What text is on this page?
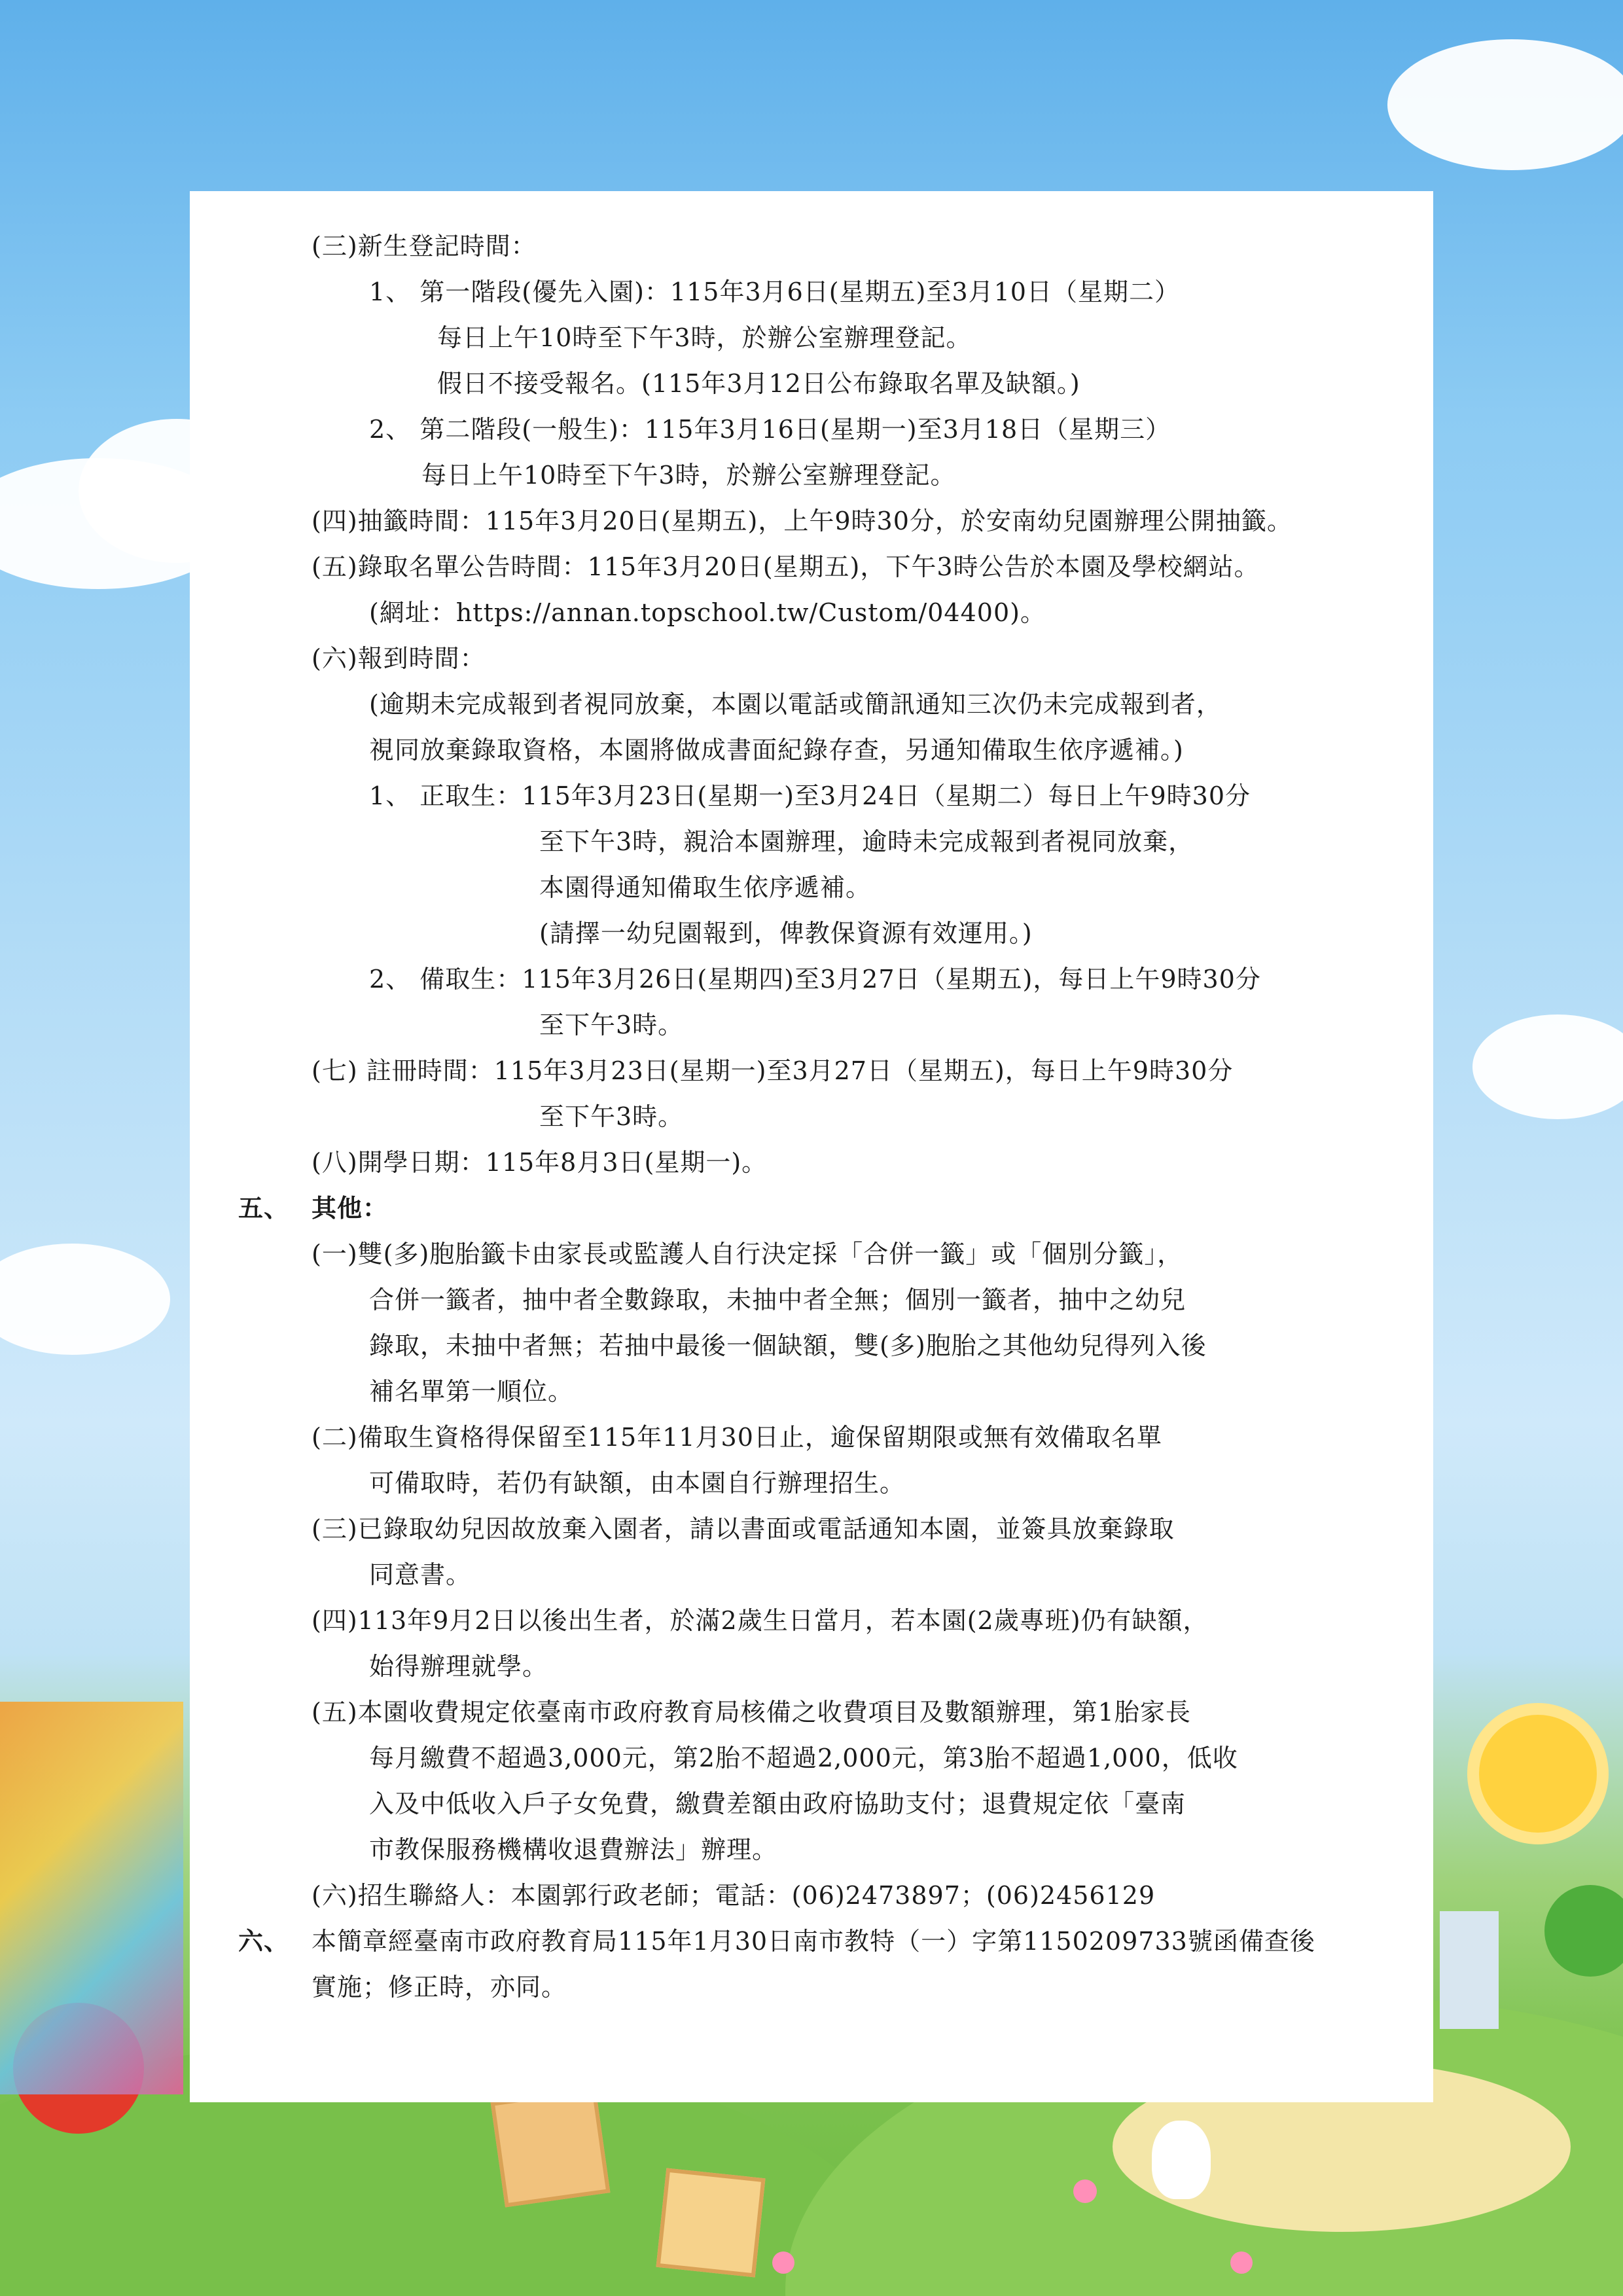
(三)新生登記時間：
1、 第一階段(優先入園)：115年3月6日(星期五)至3月10日（星期二）
每日上午10時至下午3時，於辦公室辦理登記。
假日不接受報名。(115年3月12日公布錄取名單及缺額。)
2、 第二階段(一般生)：115年3月16日(星期一)至3月18日（星期三）
每日上午10時至下午3時，於辦公室辦理登記。
(四)抽籤時間：115年3月20日(星期五)，上午9時30分，於安南幼兒園辦理公開抽籤。
(五)錄取名單公告時間：115年3月20日(星期五)，下午3時公告於本園及學校網站。
(網址：https://annan.topschool.tw/Custom/04400)。
(六)報到時間：
(逾期未完成報到者視同放棄，本園以電話或簡訊通知三次仍未完成報到者，
視同放棄錄取資格，本園將做成書面紀錄存查，另通知備取生依序遞補。)
1、 正取生：115年3月23日(星期一)至3月24日（星期二）每日上午9時30分
至下午3時，親洽本園辦理，逾時未完成報到者視同放棄，
本園得通知備取生依序遞補。
(請擇一幼兒園報到，俾教保資源有效運用。)
2、 備取生：115年3月26日(星期四)至3月27日（星期五)，每日上午9時30分
至下午3時。
(七) 註冊時間：115年3月23日(星期一)至3月27日（星期五)，每日上午9時30分
至下午3時。
(八)開學日期：115年8月3日(星期一)。
五、 其他：
(一)雙(多)胞胎籤卡由家長或監護人自行決定採「合併一籤」或「個別分籤」，
合併一籤者，抽中者全數錄取，未抽中者全無；個別一籤者，抽中之幼兒
錄取，未抽中者無；若抽中最後一個缺額，雙(多)胞胎之其他幼兒得列入後
補名單第一順位。
(二)備取生資格得保留至115年11月30日止，逾保留期限或無有效備取名單
可備取時，若仍有缺額，由本園自行辦理招生。
(三)已錄取幼兒因故放棄入園者，請以書面或電話通知本園，並簽具放棄錄取
同意書。
(四)113年9月2日以後出生者，於滿2歲生日當月，若本園(2歲專班)仍有缺額，
始得辦理就學。
(五)本園收費規定依臺南市政府教育局核備之收費項目及數額辦理，第1胎家長
每月繳費不超過3,000元，第2胎不超過2,000元，第3胎不超過1,000，低收
入及中低收入戶子女免費，繳費差額由政府協助支付；退費規定依「臺南
市教保服務機構收退費辦法」辦理。
(六)招生聯絡人：本園郭行政老師；電話：(06)2473897；(06)2456129
六、 本簡章經臺南市政府教育局115年1月30日南市教特（一）字第1150209733號函備查後
實施；修正時，亦同。
